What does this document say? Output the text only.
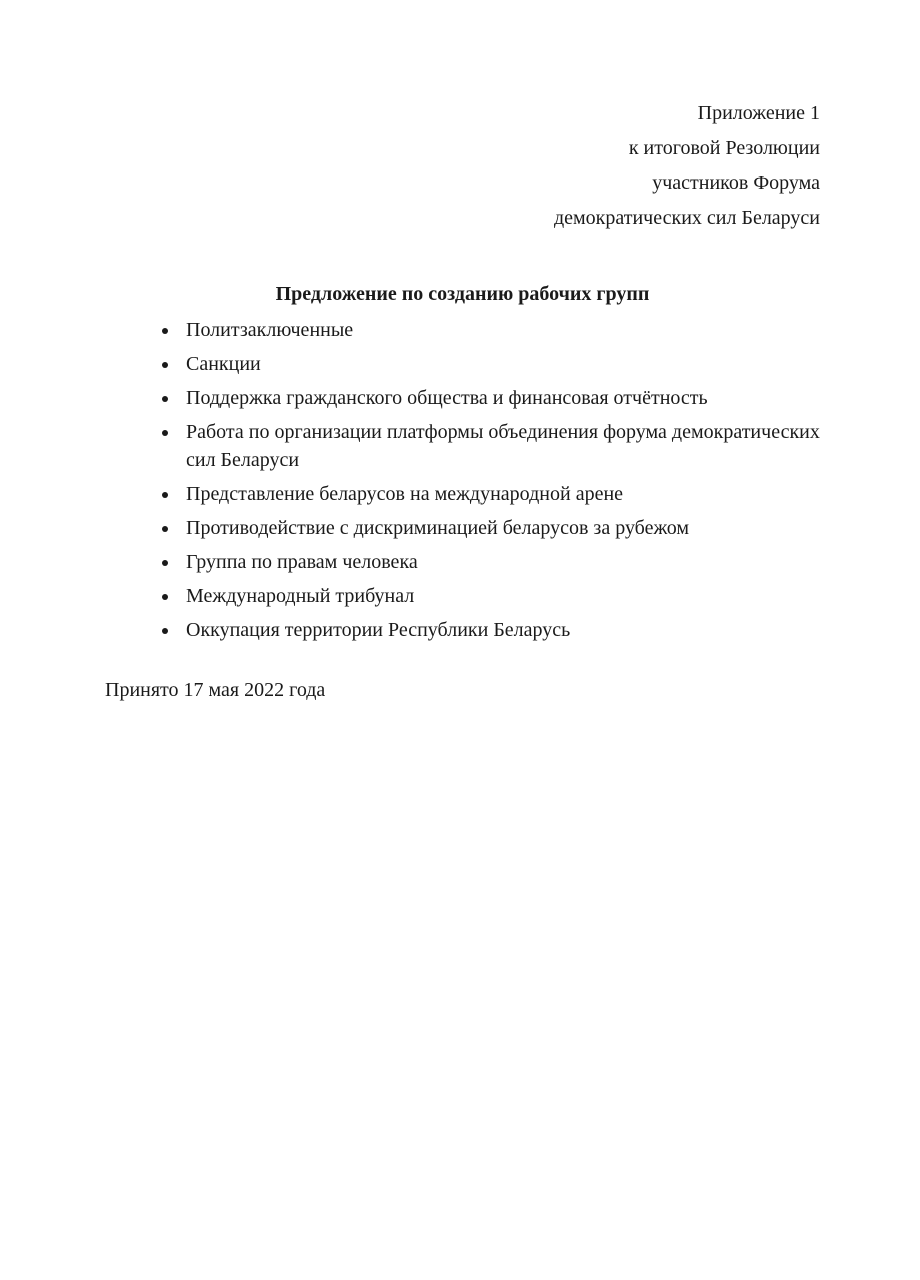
Приложение 1

к итоговой Резолюции

участников Форума

демократических сил Беларуси

Предложение по созданию рабочих групп
• Политзаключенные
• Санкции
• Поддержка гражданского общества и финансовая отчётность
• Работа по организации платформы объединения форума демократических сил Беларуси
• Представление беларусов на международной арене
• Противодействие с дискриминацией беларусов за рубежом
• Группа по правам человека
• Международный трибунал
• Оккупация территории Республики Беларусь

Принято 17 мая 2022 года
